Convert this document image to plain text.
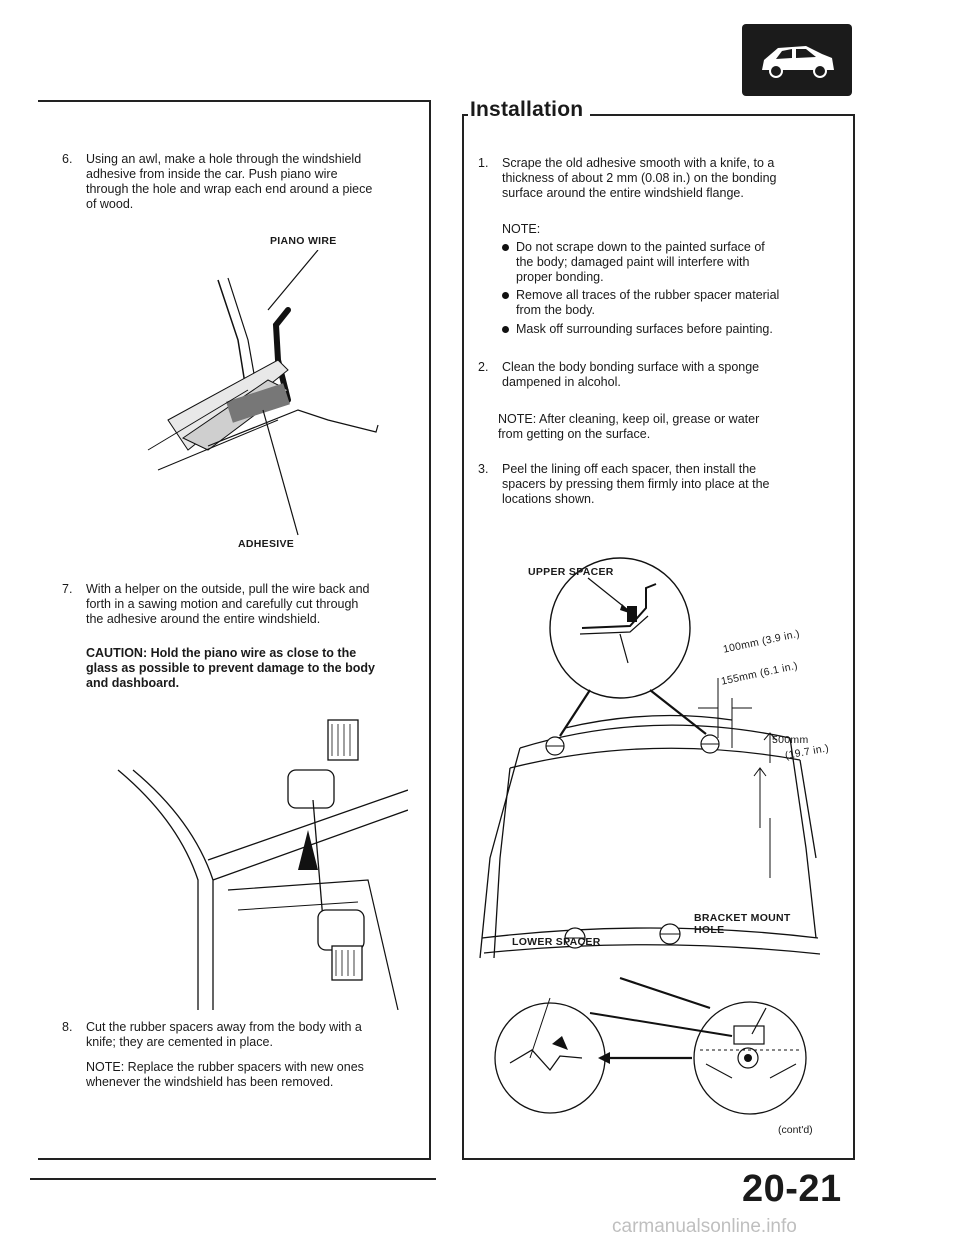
6. Using an awl, make a hole through the windshield
adhesive from inside the car. Push piano wire
through the hole and wrap each end around a piece
of wood.
PIANO WIRE
ADHESIVE
7. With a helper on the outside, pull the wire back and
forth in a sawing motion and carefully cut through
the adhesive around the entire windshield.
CAUTION: Hold the piano wire as close to the
glass as possible to prevent damage to the body
and dashboard.
8. Cut the rubber spacers away from the body with a
knife; they are cemented in place.
NOTE: Replace the rubber spacers with new ones
whenever the windshield has been removed.
Installation
1. Scrape the old adhesive smooth with a knife, to a
thickness of about 2 mm (0.08 in.) on the bonding
surface around the entire windshield flange.
NOTE:
Do not scrape down to the painted surface of
the body; damaged paint will interfere with
proper bonding.
Remove all traces of the rubber spacer material
from the body.
Mask off surrounding surfaces before painting.
2. Clean the body bonding surface with a sponge
dampened in alcohol.
NOTE: After cleaning, keep oil, grease or water
from getting on the surface.
3. Peel the lining off each spacer, then install the
spacers by pressing them firmly into place at the
locations shown.
UPPER SPACER
LOWER SPACER
BRACKET MOUNT
HOLE
100mm (3.9 in.)
155mm (6.1 in.)
500mm
(19.7 in.)
(cont'd)
20-21
carmanualsonline.info
